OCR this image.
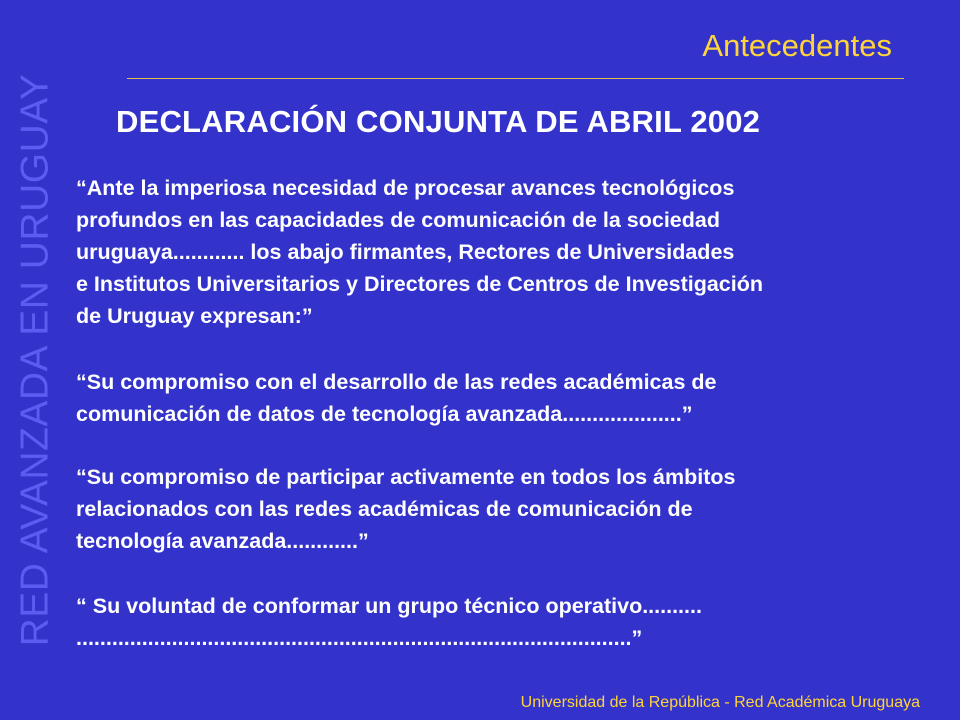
RED AVANZADA EN URUGUAY
Antecedentes
DECLARACIÓN CONJUNTA DE ABRIL 2002

“Ante la imperiosa necesidad de procesar avances tecnológicos
profundos en las capacidades de comunicación de la sociedad
uruguaya............ los abajo firmantes, Rectores de Universidades
e Institutos Universitarios y Directores de Centros de Investigación
de Uruguay expresan:”

“Su compromiso con el desarrollo de las redes académicas de
comunicación de datos de tecnología avanzada....................”

“Su compromiso de participar activamente en todos los ámbitos
relacionados con las redes académicas de comunicación de
tecnología avanzada............”

“ Su voluntad de conformar un grupo técnico operativo..........
.............................................................................................”

Universidad de la República - Red Académica Uruguaya
